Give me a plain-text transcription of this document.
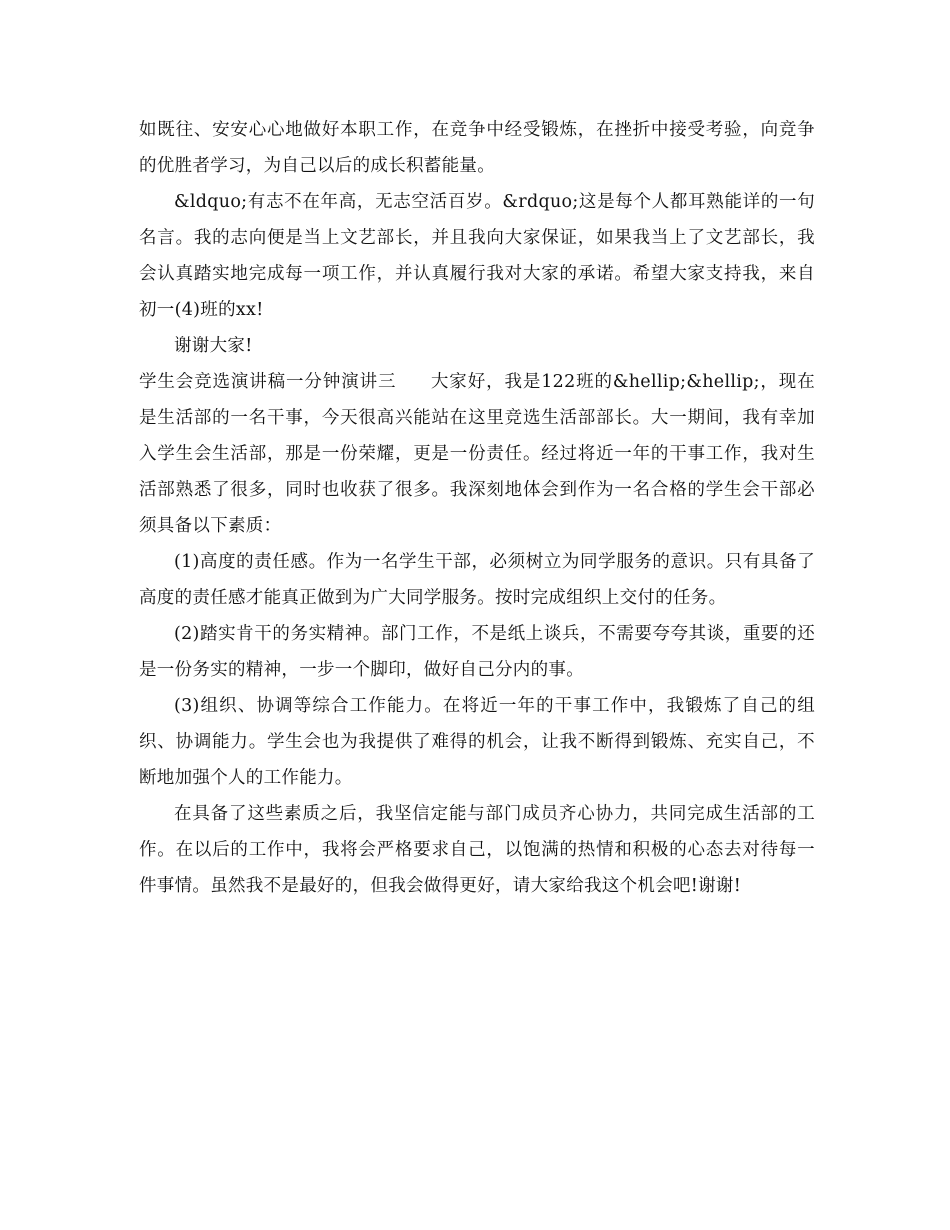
如既往、安安心心地做好本职工作，在竞争中经受锻炼，在挫折中接受考验，向竞争的优胜者学习，为自己以后的成长积蓄能量。

&ldquo;有志不在年高，无志空活百岁。&rdquo;这是每个人都耳熟能详的一句名言。我的志向便是当上文艺部长，并且我向大家保证，如果我当上了文艺部长，我会认真踏实地完成每一项工作，并认真履行我对大家的承诺。希望大家支持我，来自初一(4)班的xx!

谢谢大家!

学生会竞选演讲稿一分钟演讲三 大家好，我是122班的&hellip;&hellip;，现在是生活部的一名干事，今天很高兴能站在这里竞选生活部部长。大一期间，我有幸加入学生会生活部，那是一份荣耀，更是一份责任。经过将近一年的干事工作，我对生活部熟悉了很多，同时也收获了很多。我深刻地体会到作为一名合格的学生会干部必须具备以下素质：

(1)高度的责任感。作为一名学生干部，必须树立为同学服务的意识。只有具备了高度的责任感才能真正做到为广大同学服务。按时完成组织上交付的任务。

(2)踏实肯干的务实精神。部门工作，不是纸上谈兵，不需要夸夸其谈，重要的还是一份务实的精神，一步一个脚印，做好自己分内的事。

(3)组织、协调等综合工作能力。在将近一年的干事工作中，我锻炼了自己的组织、协调能力。学生会也为我提供了难得的机会，让我不断得到锻炼、充实自己，不断地加强个人的工作能力。

在具备了这些素质之后，我坚信定能与部门成员齐心协力，共同完成生活部的工作。在以后的工作中，我将会严格要求自己，以饱满的热情和积极的心态去对待每一件事情。虽然我不是最好的，但我会做得更好，请大家给我这个机会吧!谢谢!
